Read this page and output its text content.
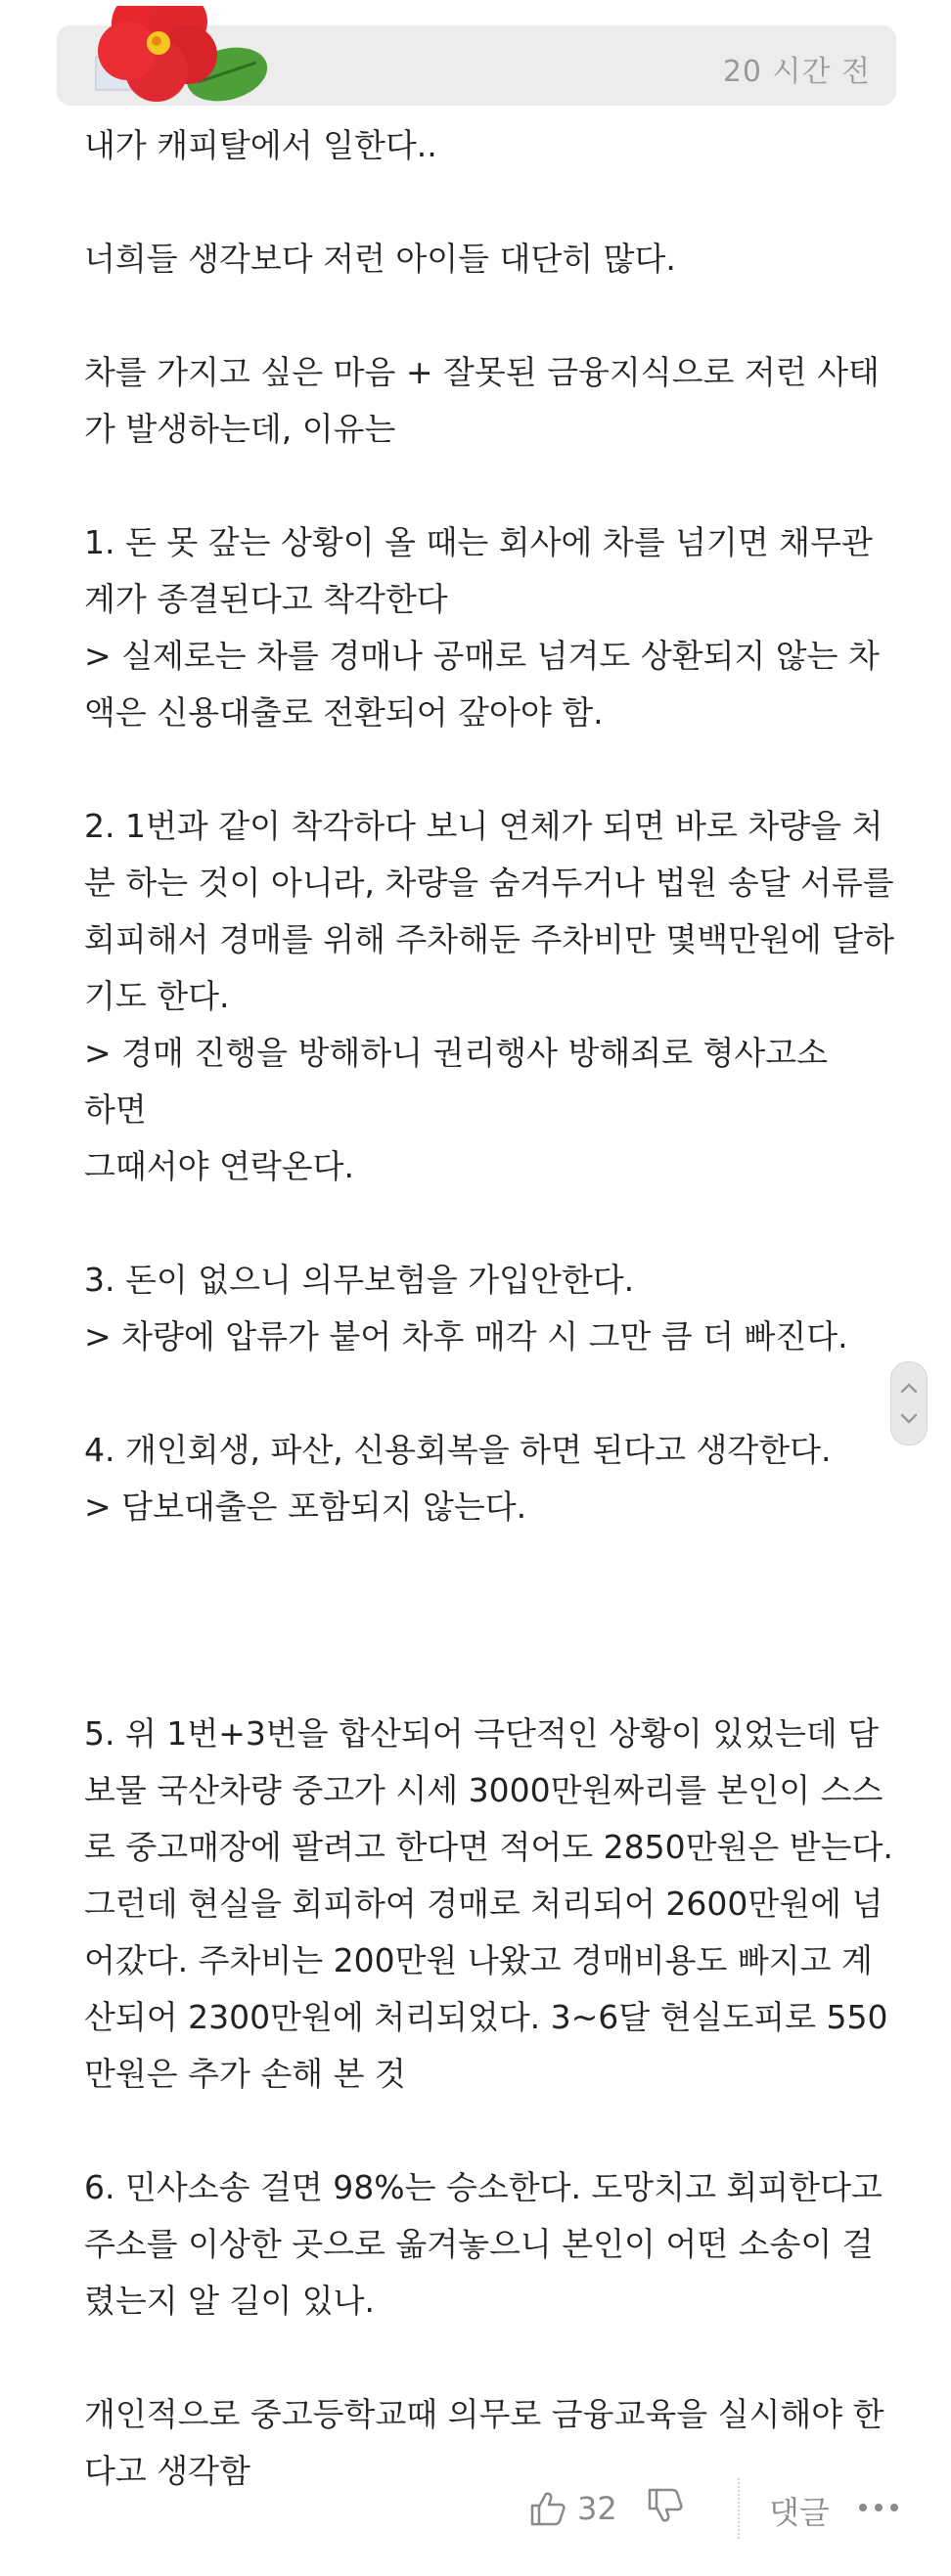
20 시간 전

내가 캐피탈에서 일한다..

너희들 생각보다 저런 아이들 대단히 많다.

차를 가지고 싶은 마음 + 잘못된 금융지식으로 저런 사태
가 발생하는데, 이유는

1. 돈 못 갚는 상황이 올 때는 회사에 차를 넘기면 채무관
계가 종결된다고 착각한다
> 실제로는 차를 경매나 공매로 넘겨도 상환되지 않는 차
액은 신용대출로 전환되어 갚아야 함.

2. 1번과 같이 착각하다 보니 연체가 되면 바로 차량을 처
분 하는 것이 아니라, 차량을 숨겨두거나 법원 송달 서류를
회피해서 경매를 위해 주차해둔 주차비만 몇백만원에 달하
기도 한다.
> 경매 진행을 방해하니 권리행사 방해죄로 형사고소 하면
그때서야 연락온다.

3. 돈이 없으니 의무보험을 가입안한다.
> 차량에 압류가 붙어 차후 매각 시 그만 큼 더 빠진다.

4. 개인회생, 파산, 신용회복을 하면 된다고 생각한다.
> 담보대출은 포함되지 않는다.

5. 위 1번+3번을 합산되어 극단적인 상황이 있었는데 담
보물 국산차량 중고가 시세 3000만원짜리를 본인이 스스
로 중고매장에 팔려고 한다면 적어도 2850만원은 받는다.
그런데 현실을 회피하여 경매로 처리되어 2600만원에 넘
어갔다. 주차비는 200만원 나왔고 경매비용도 빠지고 계
산되어 2300만원에 처리되었다. 3~6달 현실도피로 550
만원은 추가 손해 본 것

6. 민사소송 걸면 98%는 승소한다. 도망치고 회피한다고
주소를 이상한 곳으로 옮겨놓으니 본인이 어떤 소송이 걸
렸는지 알 길이 있나.

개인적으로 중고등학교때 의무로 금융교육을 실시해야 한
다고 생각함

32	댓글
